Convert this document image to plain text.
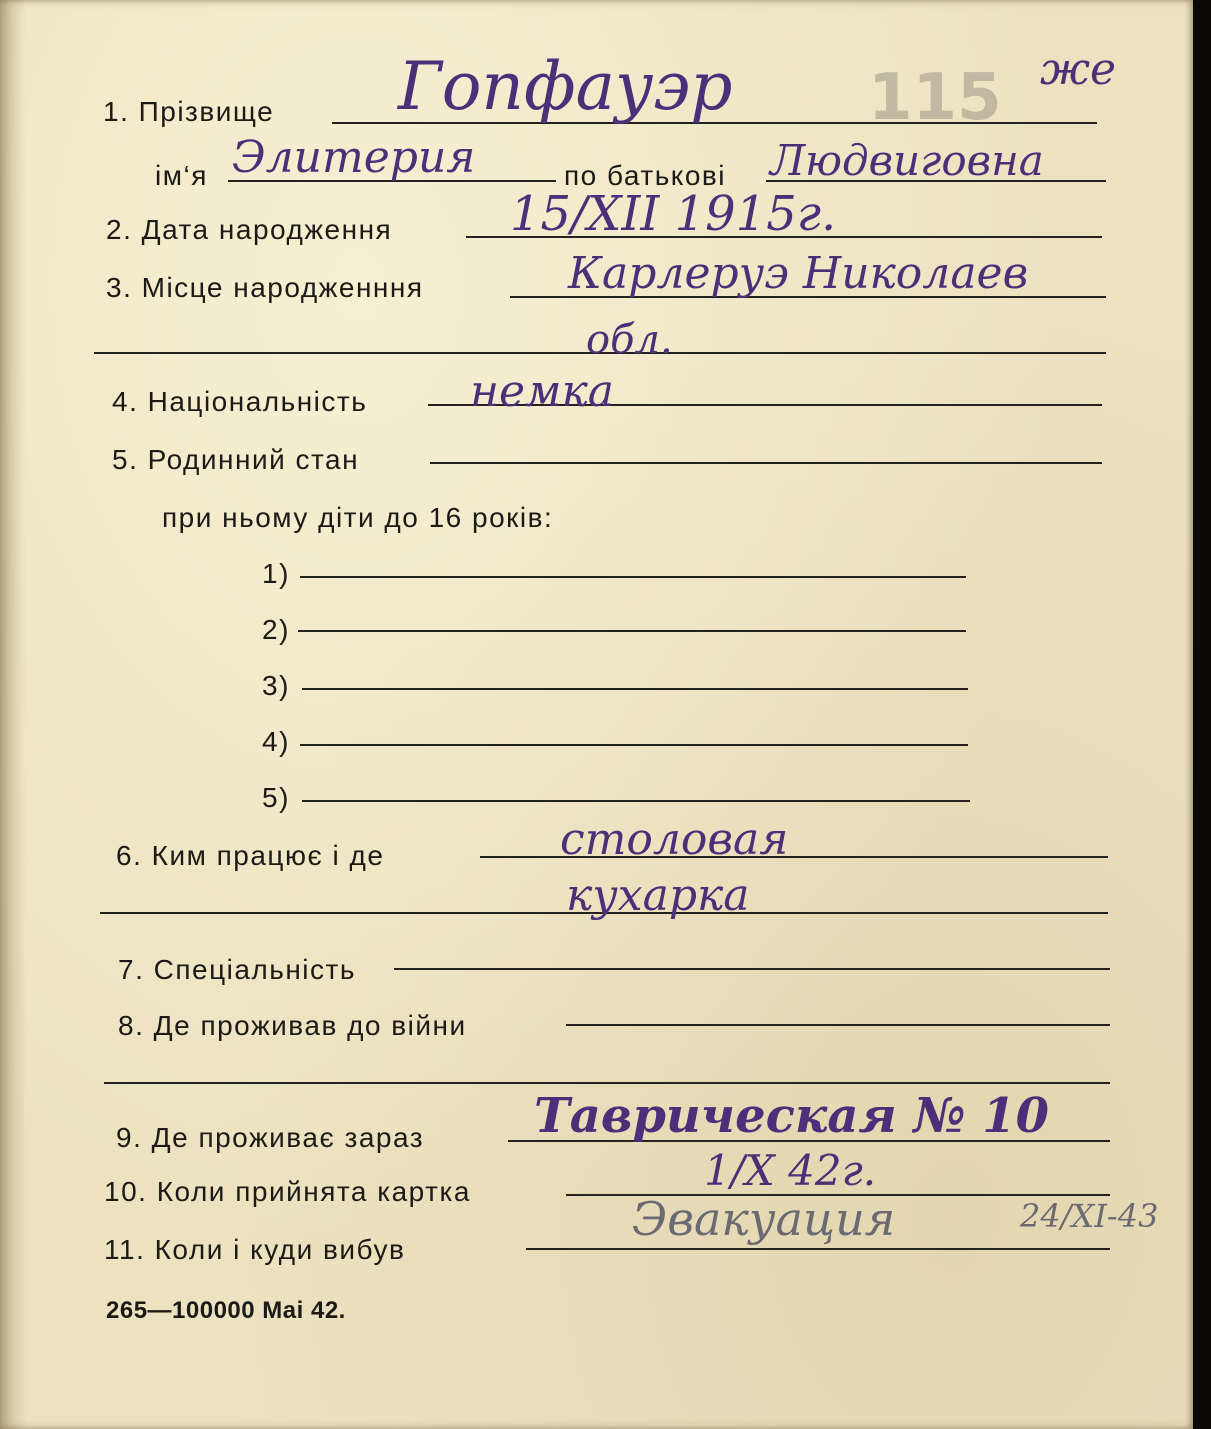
115 же
1. Прізвище Гопфауэр
ім‘я Элитерия	по батькові Людвиговна
2. Дата народження 15/XII 1915г.
3. Місце народженння	Карлеруэ Николаев
обл.
4. Національність немка
5. Родинний стан
при ньому діти до 16 років:
1)
2)
3)
4)
5)
6. Ким працює і де	столовая
кухарка
7. Спеціальність
8. Де проживав до війни
9. Де проживає зараз Таврическая № 10
10. Коли прийнята картка	1/X 42г.
11. Коли і куди вибув
Эвакуация	24/XI-43
265—100000 Mai 42.
